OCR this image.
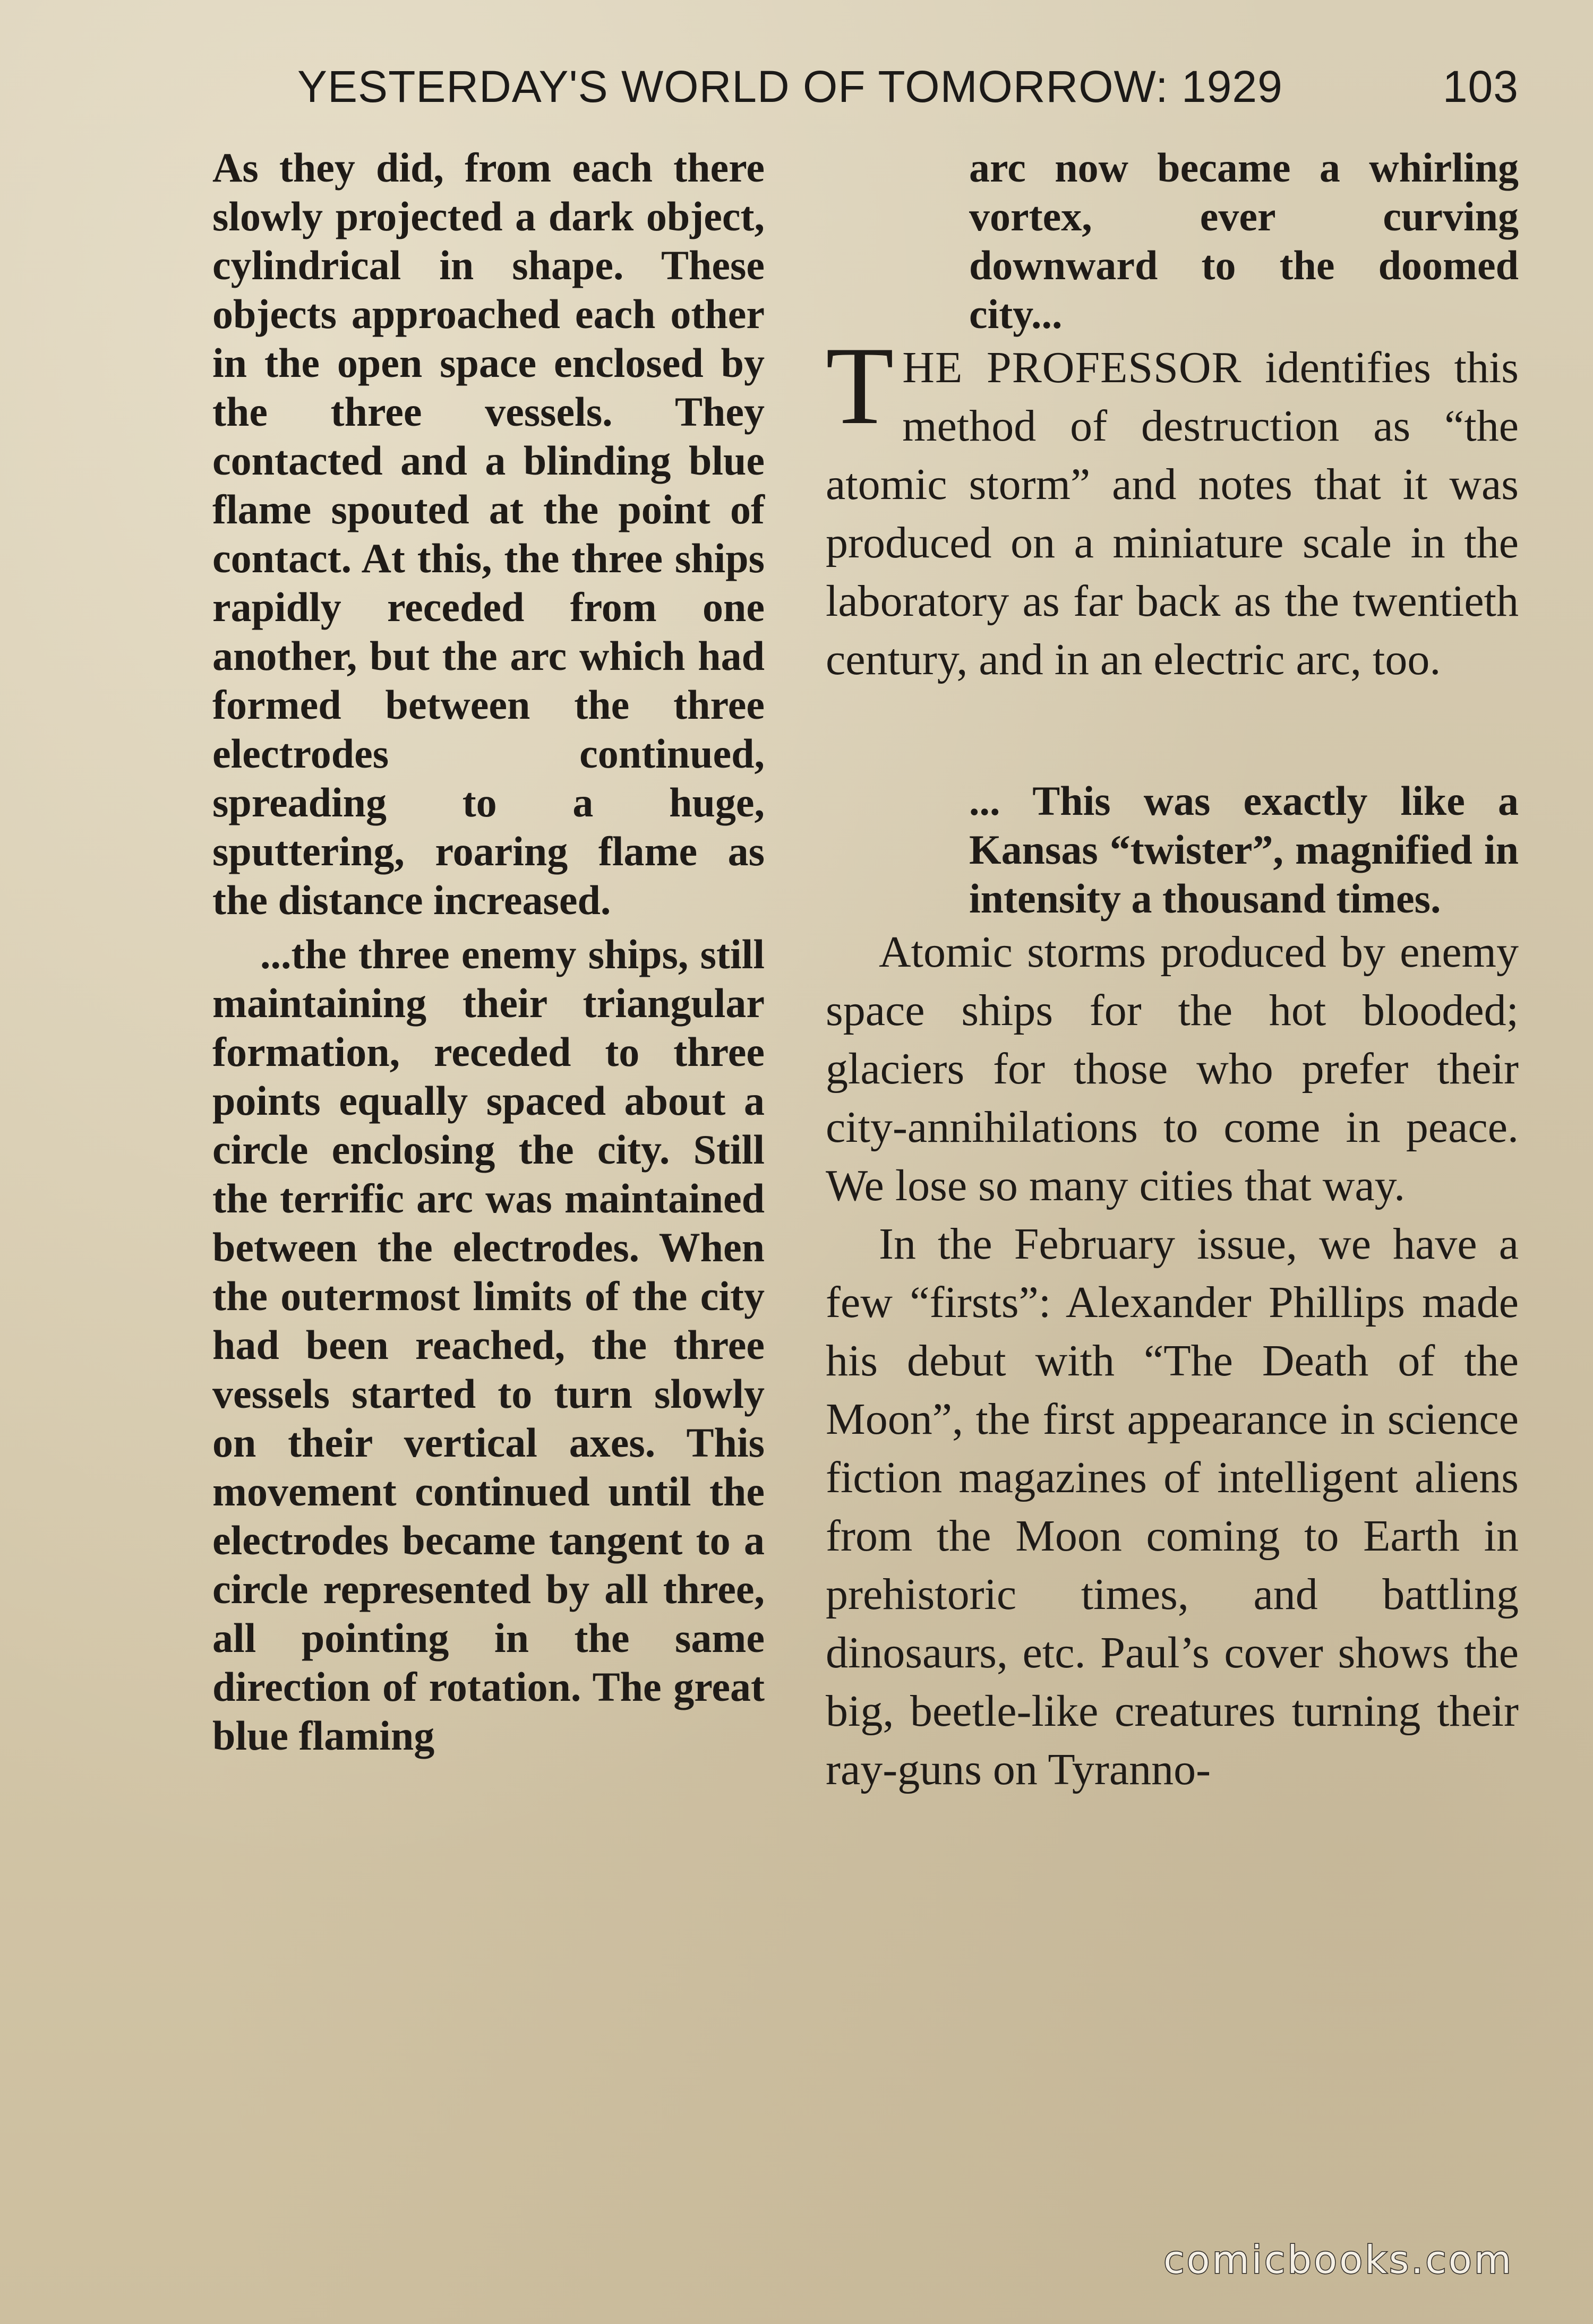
YESTERDAY'S WORLD OF TOMORROW: 1929	103

As they did, from each there slowly projected a dark object, cylindrical in shape. These objects approached each other in the open space enclosed by the three vessels. They contacted and a blinding blue flame spouted at the point of contact. At this, the three ships rapidly receded from one another, but the arc which had formed between the three electrodes continued, spreading to a huge, sputtering, roaring flame as the distance increased.

...the three enemy ships, still maintaining their triangular formation, receded to three points equally spaced about a circle enclosing the city. Still the terrific arc was maintained between the electrodes. When the outermost limits of the city had been reached, the three vessels started to turn slowly on their vertical axes. This movement continued until the electrodes became tangent to a circle represented by all three, all pointing in the same direction of rotation. The great blue flaming

arc now became a whirling vortex, ever curving downward to the doomed city...

THE PROFESSOR identifies this method of destruction as “the atomic storm” and notes that it was produced on a miniature scale in the laboratory as far back as the twentieth century, and in an electric arc, too.

... This was exactly like a Kansas “twister”, magnified in intensity a thousand times.

Atomic storms produced by enemy space ships for the hot blooded; glaciers for those who prefer their city-annihilations to come in peace. We lose so many cities that way.

In the February issue, we have a few “firsts”: Alexander Phillips made his debut with “The Death of the Moon”, the first appearance in science fiction magazines of intelligent aliens from the Moon coming to Earth in prehistoric times, and battling dinosaurs, etc. Paul’s cover shows the big, beetle-like creatures turning their ray-guns on Tyranno-

comicbooks.com
